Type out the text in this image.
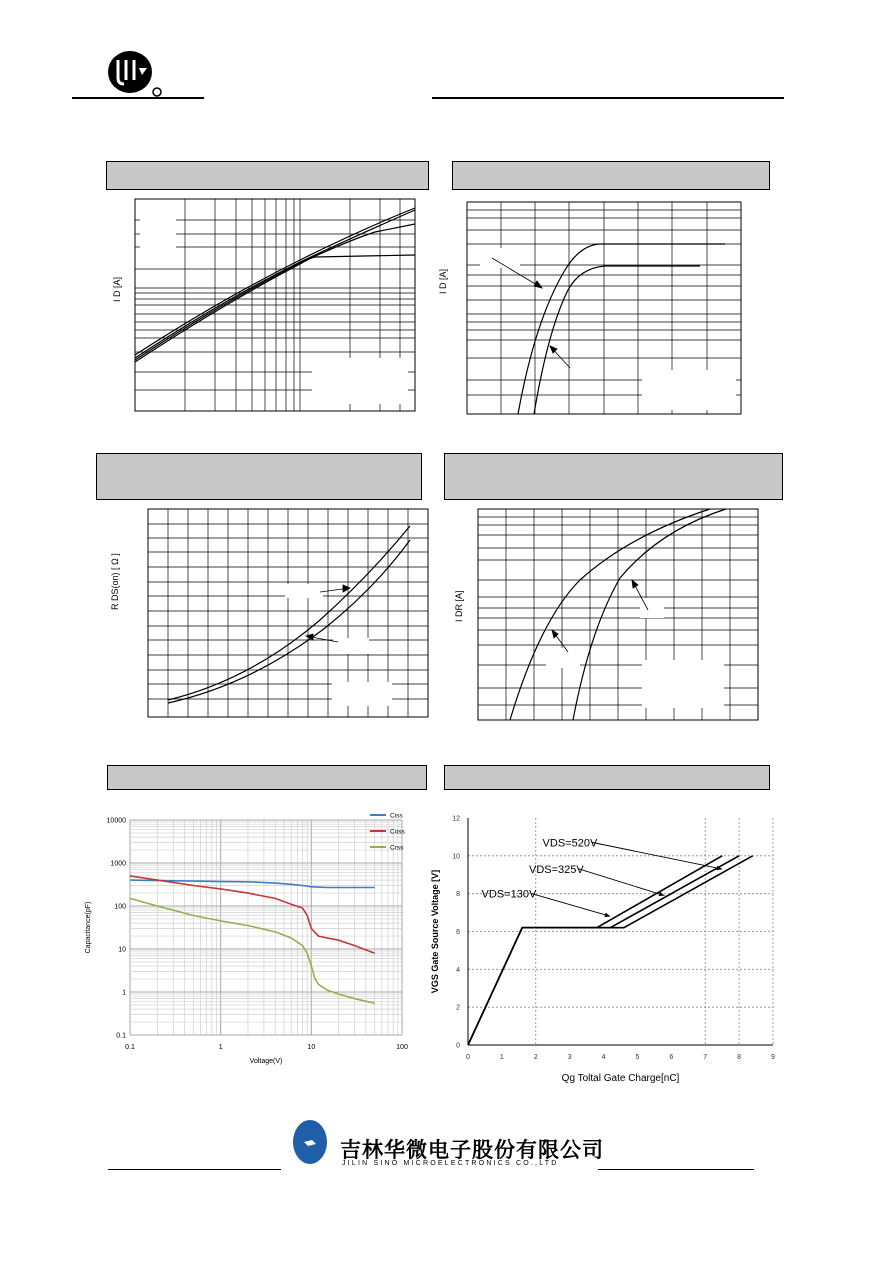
I D [A]	I D [A]
R DS(on) [ Ω ]	I DR [A]
0.1	1	10	100
0.1
1
10
100
1000
10000
Ciss
Coss
Crss
Voltage(V)
Capacitance(pF)
0	1	2	3	4	5	6	7	8	9
0
2
4
6
8
10
12
VDS=520V
VDS=325V
VDS=130V
Qg Toltal Gate Charge[nC]
VGS Gate Source Voltage [V]
吉林华微电子股份有限公司
JILIN SINO MICROELECTRONICS CO.,LTD
